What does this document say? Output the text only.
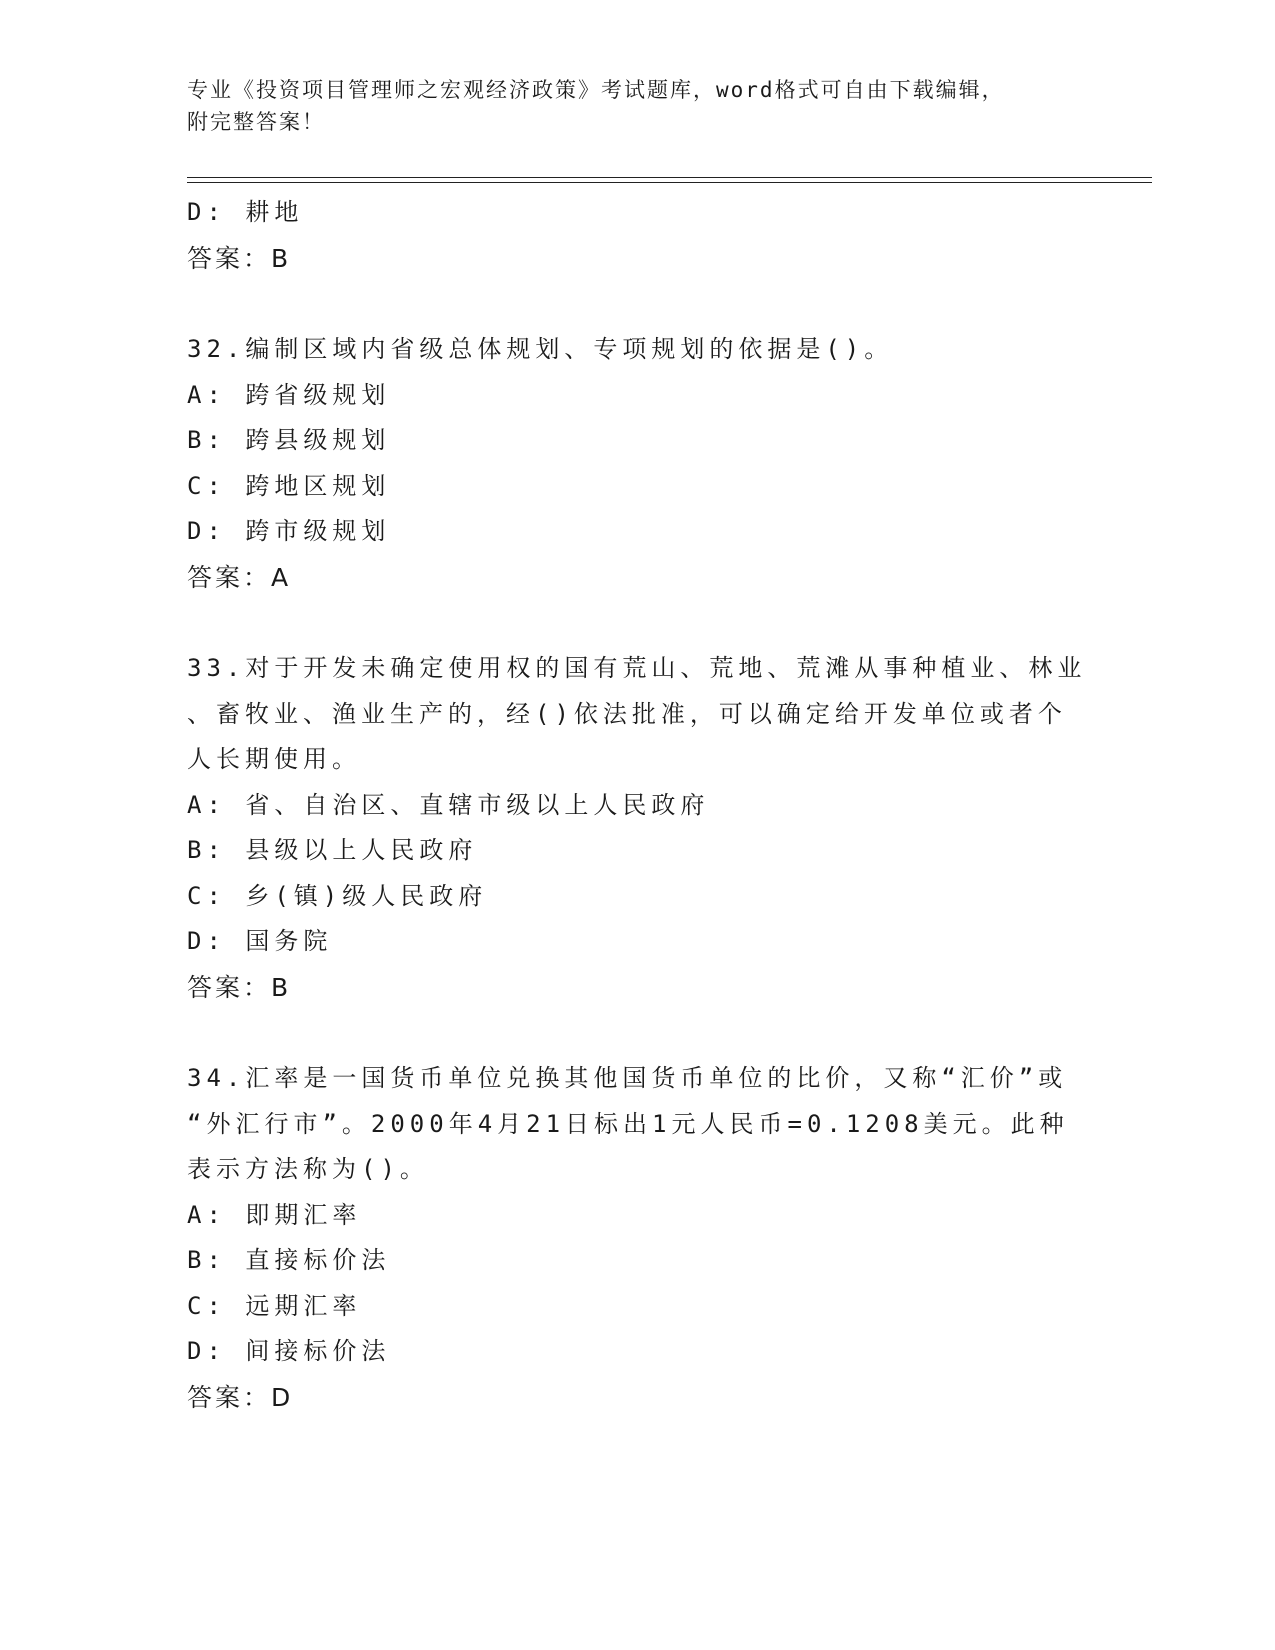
专业《投资项目管理师之宏观经济政策》考试题库，word格式可自由下载编辑，
附完整答案！
D: 耕地
答案：B
32.编制区域内省级总体规划、专项规划的依据是()。
A: 跨省级规划
B: 跨县级规划
C: 跨地区规划
D: 跨市级规划
答案：A
33.对于开发未确定使用权的国有荒山、荒地、荒滩从事种植业、林业
、畜牧业、渔业生产的，经()依法批准，可以确定给开发单位或者个
人长期使用。
A: 省、自治区、直辖市级以上人民政府
B: 县级以上人民政府
C: 乡(镇)级人民政府
D: 国务院
答案：B
34.汇率是一国货币单位兑换其他国货币单位的比价，又称“汇价”或
“外汇行市”。2000年4月21日标出1元人民币=0.1208美元。此种
表示方法称为()。
A: 即期汇率
B: 直接标价法
C: 远期汇率
D: 间接标价法
答案：D
